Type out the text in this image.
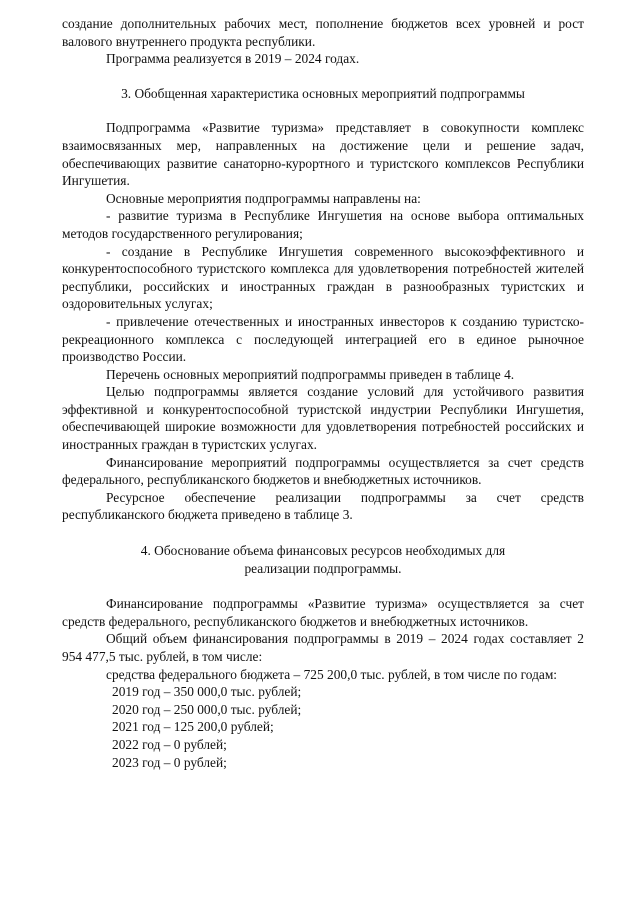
создание дополнительных рабочих мест, пополнение бюджетов всех уровней и рост валового внутреннего продукта республики.

Программа реализуется в 2019 – 2024 годах.

3. Обобщенная характеристика основных мероприятий подпрограммы

Подпрограмма «Развитие туризма» представляет в совокупности комплекс взаимосвязанных мер, направленных на достижение цели и решение задач, обеспечивающих развитие санаторно-курортного и туристского комплексов Республики Ингушетия.

Основные мероприятия подпрограммы направлены на:

- развитие туризма в Республике Ингушетия на основе выбора оптимальных методов государственного регулирования;

- создание в Республике Ингушетия современного высокоэффективного и конкурентоспособного туристского комплекса для удовлетворения потребностей жителей республики, российских и иностранных граждан в разнообразных туристских и оздоровительных услугах;

- привлечение отечественных и иностранных инвесторов к созданию туристско-рекреационного комплекса с последующей интеграцией его в единое рыночное производство России.

Перечень основных мероприятий подпрограммы приведен в таблице 4.

Целью подпрограммы является создание условий для устойчивого развития эффективной и конкурентоспособной туристской индустрии Республики Ингушетия, обеспечивающей широкие возможности для удовлетворения потребностей российских и иностранных граждан в туристских услугах.

Финансирование мероприятий подпрограммы осуществляется за счет средств федерального, республиканского бюджетов и внебюджетных источников.

Ресурсное обеспечение реализации подпрограммы за счет средств республиканского бюджета приведено в таблице 3.

4. Обоснование объема финансовых ресурсов необходимых для
реализации подпрограммы.

Финансирование подпрограммы «Развитие туризма» осуществляется за счет средств федерального, республиканского бюджетов и внебюджетных источников.

Общий объем финансирования подпрограммы в 2019 – 2024 годах составляет 2 954 477,5 тыс. рублей, в том числе:

средства федерального бюджета – 725 200,0 тыс. рублей, в том числе по годам:

2019 год – 350 000,0 тыс. рублей;
2020 год – 250 000,0 тыс. рублей;
2021 год – 125 200,0 рублей;
2022 год – 0 рублей;
2023 год – 0 рублей;
